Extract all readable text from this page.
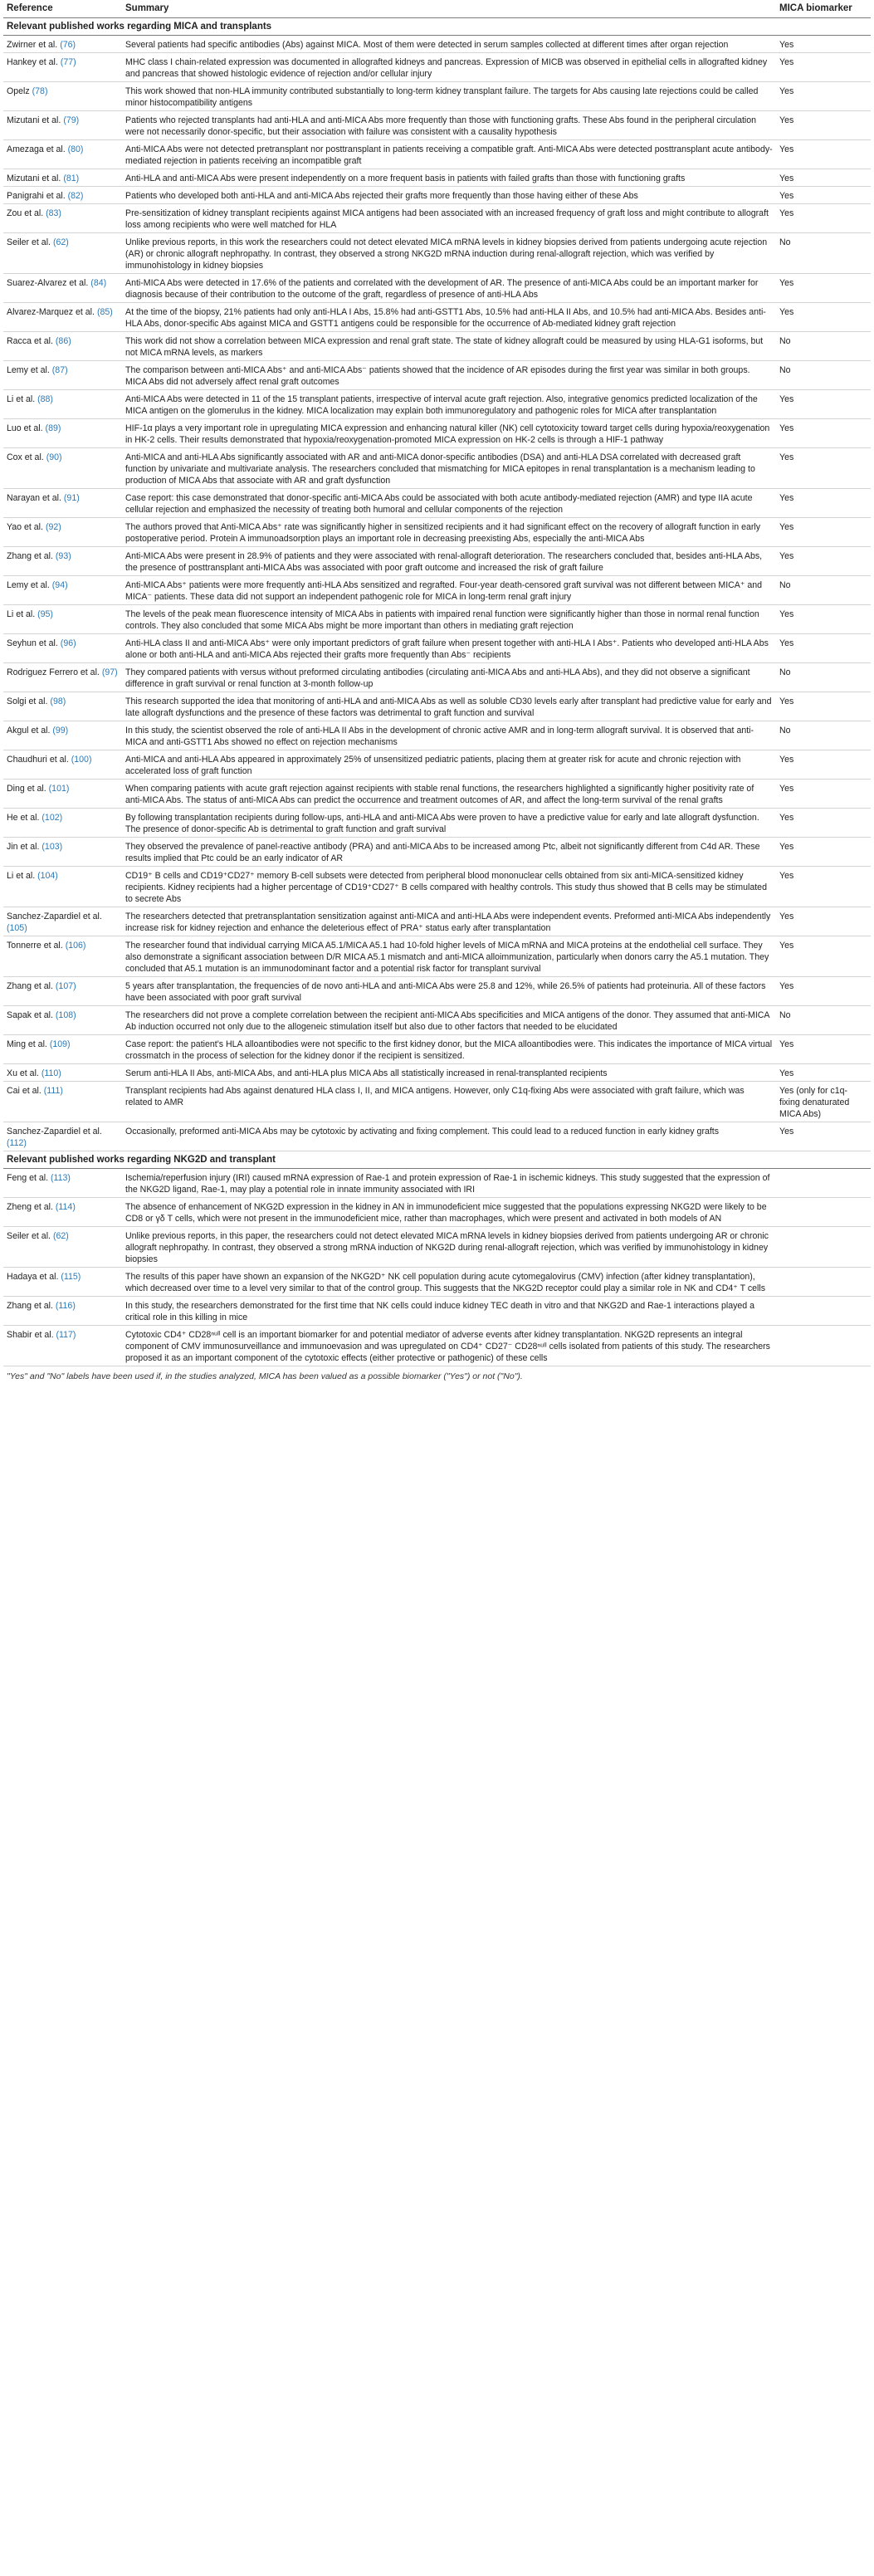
Reference	Summary	MICA biomarker
Relevant published works regarding MICA and transplants		
Zwirner et al. (76)	Several patients had specific antibodies (Abs) against MICA. Most of them were detected in serum samples collected at different times after organ rejection	Yes
Hankey et al. (77)	MHC class I chain-related expression was documented in allografted kidneys and pancreas. Expression of MICB was observed in epithelial cells in allografted kidney and pancreas that showed histologic evidence of rejection and/or cellular injury	Yes
Opelz (78)	This work showed that non-HLA immunity contributed substantially to long-term kidney transplant failure. The targets for Abs causing late rejections could be called minor histocompatibility antigens	Yes
Mizutani et al. (79)	Patients who rejected transplants had anti-HLA and anti-MICA Abs more frequently than those with functioning grafts. These Abs found in the peripheral circulation were not necessarily donor-specific, but their association with failure was consistent with a causality hypothesis	Yes
Amezaga et al. (80)	Anti-MICA Abs were not detected pretransplant nor posttransplant in patients receiving a compatible graft. Anti-MICA Abs were detected posttransplant acute antibody-mediated rejection in patients receiving an incompatible graft	Yes
Mizutani et al. (81)	Anti-HLA and anti-MICA Abs were present independently on a more frequent basis in patients with failed grafts than those with functioning grafts	Yes
Panigrahi et al. (82)	Patients who developed both anti-HLA and anti-MICA Abs rejected their grafts more frequently than those having either of these Abs	Yes
Zou et al. (83)	Pre-sensitization of kidney transplant recipients against MICA antigens had been associated with an increased frequency of graft loss and might contribute to allograft loss among recipients who were well matched for HLA	Yes
Seiler et al. (62)	Unlike previous reports, in this work the researchers could not detect elevated MICA mRNA levels in kidney biopsies derived from patients undergoing acute rejection (AR) or chronic allograft nephropathy. In contrast, they observed a strong NKG2D mRNA induction during renal-allograft rejection, which was verified by immunohistology in kidney biopsies	No
Suarez-Alvarez et al. (84)	Anti-MICA Abs were detected in 17.6% of the patients and correlated with the development of AR. The presence of anti-MICA Abs could be an important marker for diagnosis because of their contribution to the outcome of the graft, regardless of presence of anti-HLA Abs	Yes
Alvarez-Marquez et al. (85)	At the time of the biopsy, 21% patients had only anti-HLA I Abs, 15.8% had anti-GSTT1 Abs, 10.5% had anti-HLA II Abs, and 10.5% had anti-MICA Abs. Besides anti-HLA Abs, donor-specific Abs against MICA and GSTT1 antigens could be responsible for the occurrence of Ab-mediated kidney graft rejection	Yes
Racca et al. (86)	This work did not show a correlation between MICA expression and renal graft state. The state of kidney allograft could be measured by using HLA-G1 isoforms, but not MICA mRNA levels, as markers	No
Lemy et al. (87)	The comparison between anti-MICA Abs⁺ and anti-MICA Abs⁻ patients showed that the incidence of AR episodes during the first year was similar in both groups. MICA Abs did not adversely affect renal graft outcomes	No
Li et al. (88)	Anti-MICA Abs were detected in 11 of the 15 transplant patients, irrespective of interval acute graft rejection. Also, integrative genomics predicted localization of the MICA antigen on the glomerulus in the kidney. MICA localization may explain both immunoregulatory and pathogenic roles for MICA after transplantation	Yes
Luo et al. (89)	HIF-1α plays a very important role in upregulating MICA expression and enhancing natural killer (NK) cell cytotoxicity toward target cells during hypoxia/reoxygenation in HK-2 cells. Their results demonstrated that hypoxia/reoxygenation-promoted MICA expression on HK-2 cells is through a HIF-1 pathway	Yes
Cox et al. (90)	Anti-MICA and anti-HLA Abs significantly associated with AR and anti-MICA donor-specific antibodies (DSA) and anti-HLA DSA correlated with decreased graft function by univariate and multivariate analysis. The researchers concluded that mismatching for MICA epitopes in renal transplantation is a mechanism leading to production of MICA Abs that associate with AR and graft dysfunction	Yes
Narayan et al. (91)	Case report: this case demonstrated that donor-specific anti-MICA Abs could be associated with both acute antibody-mediated rejection (AMR) and type IIA acute cellular rejection and emphasized the necessity of treating both humoral and cellular components of the rejection	Yes
Yao et al. (92)	The authors proved that Anti-MICA Abs⁺ rate was significantly higher in sensitized recipients and it had significant effect on the recovery of allograft function in early postoperative period. Protein A immunoadsorption plays an important role in decreasing preexisting Abs, especially the anti-MICA Abs	Yes
Zhang et al. (93)	Anti-MICA Abs were present in 28.9% of patients and they were associated with renal-allograft deterioration. The researchers concluded that, besides anti-HLA Abs, the presence of posttransplant anti-MICA Abs was associated with poor graft outcome and increased the risk of graft failure	Yes
Lemy et al. (94)	Anti-MICA Abs⁺ patients were more frequently anti-HLA Abs sensitized and regrafted. Four-year death-censored graft survival was not different between MICA⁺ and MICA⁻ patients. These data did not support an independent pathogenic role for MICA in long-term renal graft injury	No
Li et al. (95)	The levels of the peak mean fluorescence intensity of MICA Abs in patients with impaired renal function were significantly higher than those in normal renal function controls. They also concluded that some MICA Abs might be more important than others in mediating graft rejection	Yes
Seyhun et al. (96)	Anti-HLA class II and anti-MICA Abs⁺ were only important predictors of graft failure when present together with anti-HLA I Abs⁺. Patients who developed anti-HLA Abs alone or both anti-HLA and anti-MICA Abs rejected their grafts more frequently than Abs⁻ recipients	Yes
Rodriguez Ferrero et al. (97)	They compared patients with versus without preformed circulating antibodies (circulating anti-MICA Abs and anti-HLA Abs), and they did not observe a significant difference in graft survival or renal function at 3-month follow-up	No
Solgi et al. (98)	This research supported the idea that monitoring of anti-HLA and anti-MICA Abs as well as soluble CD30 levels early after transplant had predictive value for early and late allograft dysfunctions and the presence of these factors was detrimental to graft function and survival	Yes
Akgul et al. (99)	In this study, the scientist observed the role of anti-HLA II Abs in the development of chronic active AMR and in long-term allograft survival. It is observed that anti-MICA and anti-GSTT1 Abs showed no effect on rejection mechanisms	No
Chaudhuri et al. (100)	Anti-MICA and anti-HLA Abs appeared in approximately 25% of unsensitized pediatric patients, placing them at greater risk for acute and chronic rejection with accelerated loss of graft function	Yes
Ding et al. (101)	When comparing patients with acute graft rejection against recipients with stable renal functions, the researchers highlighted a significantly higher positivity rate of anti-MICA Abs. The status of anti-MICA Abs can predict the occurrence and treatment outcomes of AR, and affect the long-term survival of the renal grafts	Yes
He et al. (102)	By following transplantation recipients during follow-ups, anti-HLA and anti-MICA Abs were proven to have a predictive value for early and late allograft dysfunction. The presence of donor-specific Ab is detrimental to graft function and graft survival	Yes
Jin et al. (103)	They observed the prevalence of panel-reactive antibody (PRA) and anti-MICA Abs to be increased among Ptc, albeit not significantly different from C4d AR. These results implied that Ptc could be an early indicator of AR	Yes
Li et al. (104)	CD19⁺ B cells and CD19⁺CD27⁺ memory B-cell subsets were detected from peripheral blood mononuclear cells obtained from six anti-MICA-sensitized kidney recipients. Kidney recipients had a higher percentage of CD19⁺CD27⁺ B cells compared with healthy controls. This study thus showed that B cells may be stimulated to secrete Abs	Yes
Sanchez-Zapardiel et al. (105)	The researchers detected that pretransplantation sensitization against anti-MICA and anti-HLA Abs were independent events. Preformed anti-MICA Abs independently increase risk for kidney rejection and enhance the deleterious effect of PRA⁺ status early after transplantation	Yes
Tonnerre et al. (106)	The researcher found that individual carrying MICA A5.1/MICA A5.1 had 10-fold higher levels of MICA mRNA and MICA proteins at the endothelial cell surface. They also demonstrate a significant association between D/R MICA A5.1 mismatch and anti-MICA alloimmunization, particularly when donors carry the A5.1 mutation. They concluded that A5.1 mutation is an immunodominant factor and a potential risk factor for transplant survival	Yes
Zhang et al. (107)	5 years after transplantation, the frequencies of de novo anti-HLA and anti-MICA Abs were 25.8 and 12%, while 26.5% of patients had proteinuria. All of these factors have been associated with poor graft survival	Yes
Sapak et al. (108)	The researchers did not prove a complete correlation between the recipient anti-MICA Abs specificities and MICA antigens of the donor. They assumed that anti-MICA Ab induction occurred not only due to the allogeneic stimulation itself but also due to other factors that needed to be elucidated	No
Ming et al. (109)	Case report: the patient's HLA alloantibodies were not specific to the first kidney donor, but the MICA alloantibodies were. This indicates the importance of MICA virtual crossmatch in the process of selection for the kidney donor if the recipient is sensitized.	Yes
Xu et al. (110)	Serum anti-HLA II Abs, anti-MICA Abs, and anti-HLA plus MICA Abs all statistically increased in renal-transplanted recipients	Yes
Cai et al. (111)	Transplant recipients had Abs against denatured HLA class I, II, and MICA antigens. However, only C1q-fixing Abs were associated with graft failure, which was related to AMR	Yes (only for c1q-fixing denaturated MICA Abs)
Sanchez-Zapardiel et al. (112)	Occasionally, preformed anti-MICA Abs may be cytotoxic by activating and fixing complement. This could lead to a reduced function in early kidney grafts	Yes
Relevant published works regarding NKG2D and transplant		
Feng et al. (113)	Ischemia/reperfusion injury (IRI) caused mRNA expression of Rae-1 and protein expression of Rae-1 in ischemic kidneys. This study suggested that the expression of the NKG2D ligand, Rae-1, may play a potential role in innate immunity associated with IRI	
Zheng et al. (114)	The absence of enhancement of NKG2D expression in the kidney in AN in immunodeficient mice suggested that the populations expressing NKG2D were likely to be CD8 or γδ T cells, which were not present in the immunodeficient mice, rather than macrophages, which were present and activated in both models of AN	
Seiler et al. (62)	Unlike previous reports, in this paper, the researchers could not detect elevated MICA mRNA levels in kidney biopsies derived from patients undergoing AR or chronic allograft nephropathy. In contrast, they observed a strong mRNA induction of NKG2D during renal-allograft rejection, which was verified by immunohistology in kidney biopsies	
Hadaya et al. (115)	The results of this paper have shown an expansion of the NKG2D⁺ NK cell population during acute cytomegalovirus (CMV) infection (after kidney transplantation), which decreased over time to a level very similar to that of the control group. This suggests that the NKG2D receptor could play a similar role in NK and CD4⁺ T cells	
Zhang et al. (116)	In this study, the researchers demonstrated for the first time that NK cells could induce kidney TEC death in vitro and that NKG2D and Rae-1 interactions played a critical role in this killing in mice	
Shabir et al. (117)	Cytotoxic CD4⁺ CD28ⁿᵘˡˡ cell is an important biomarker for and potential mediator of adverse events after kidney transplantation. NKG2D represents an integral component of CMV immunosurveillance and immunoevasion and was upregulated on CD4⁺ CD27⁻ CD28ⁿᵘˡˡ cells isolated from patients of this study. The researchers proposed it as an important component of the cytotoxic effects (either protective or pathogenic) of these cells	
"Yes" and "No" labels have been used if, in the studies analyzed, MICA has been valued as a possible biomarker ("Yes") or not ("No").
